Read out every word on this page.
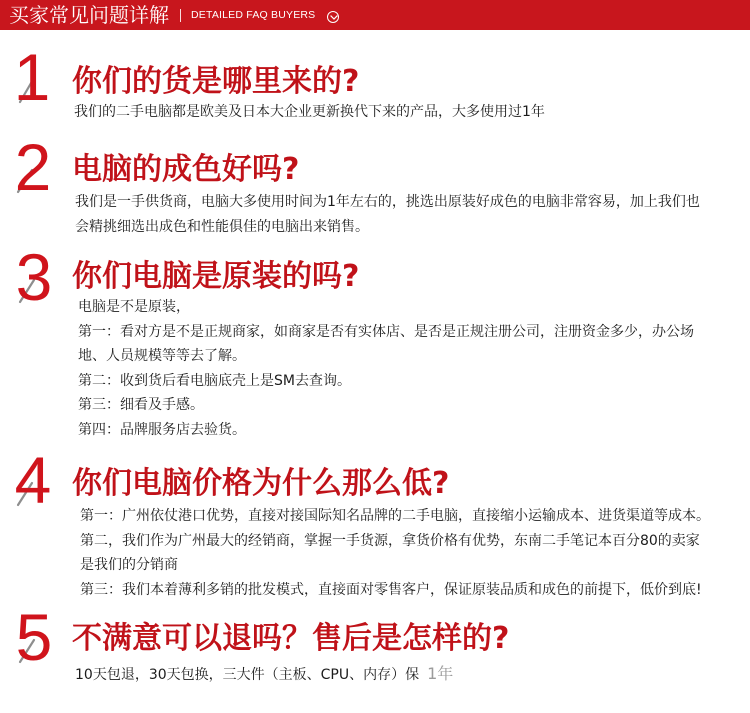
买家常见问题详解 DETAILED FAQ BUYERS
1 你们的货是哪里来的?
我们的二手电脑都是欧美及日本大企业更新换代下来的产品，大多使用过1年
2 电脑的成色好吗?
我们是一手供货商，电脑大多使用时间为1年左右的，挑选出原装好成色的电脑非常容易，加上我们也
会精挑细选出成色和性能俱佳的电脑出来销售。
3 你们电脑是原装的吗?
电脑是不是原装，
第一：看对方是不是正规商家，如商家是否有实体店、是否是正规注册公司，注册资金多少，办公场
地、人员规模等等去了解。
第二：收到货后看电脑底壳上是SM去查询。
第三：细看及手感。
第四：品牌服务店去验货。
4 你们电脑价格为什么那么低?
第一：广州依仗港口优势，直接对接国际知名品牌的二手电脑，直接缩小运输成本、进货渠道等成本。
第二，我们作为广州最大的经销商，掌握一手货源，拿货价格有优势，东南二手笔记本百分80的卖家
是我们的分销商
第三：我们本着薄利多销的批发模式，直接面对零售客户，保证原装品质和成色的前提下，低价到底!
5 不满意可以退吗？售后是怎样的?
10天包退，30天包换，三大件（主板、CPU、内存）保 1年
